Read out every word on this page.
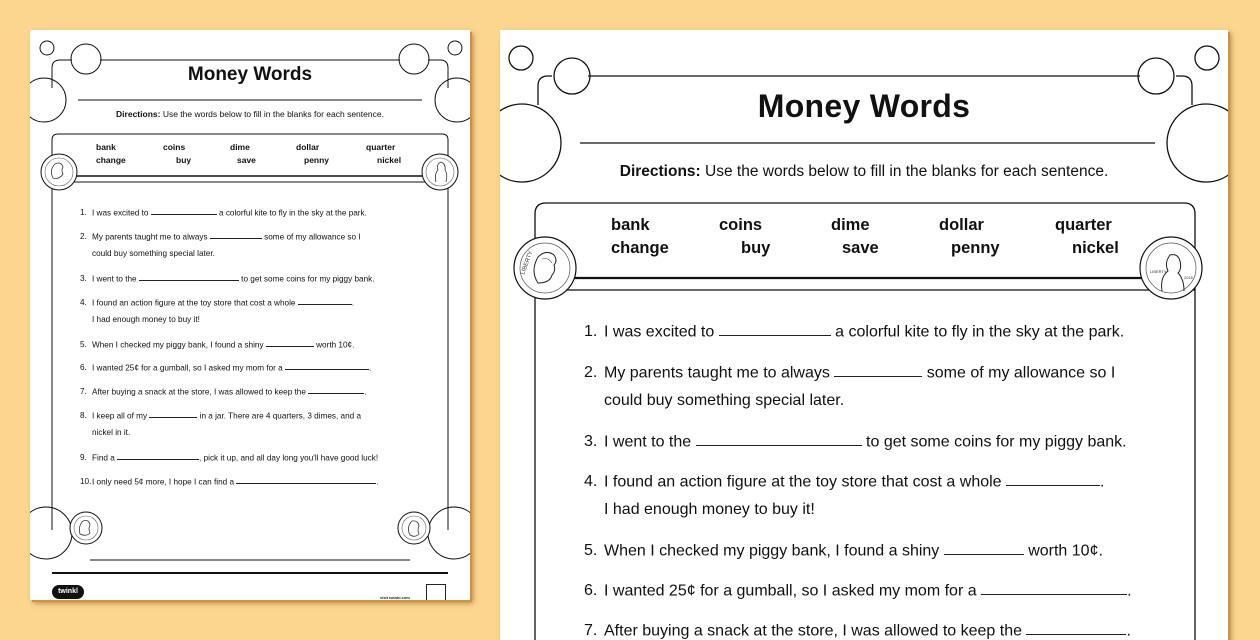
Money Words
Directions: Use the words below to fill in the blanks for each sentence.
bank	coins	dime	dollar	quarter
change	buy	save	penny	nickel
1. I was excited to	a colorful kite to fly in the sky at the park.
2. My parents taught me to always	some of my allowance so I
could buy something special later.
3. I went to the	to get some coins for my piggy bank.
4. I found an action figure at the toy store that cost a whole	.
I had enough money to buy it!
5. When I checked my piggy bank, I found a shiny	worth 10¢.
6. I wanted 25¢ for a gumball, so I asked my mom for a	.
7. After buying a snack at the store, I was allowed to keep the	.
8. I keep all of my	in a jar. There are 4 quarters, 3 dimes, and a
nickel in it.
9. Find a	, pick it up, and all day long you'll have good luck!
10.I only need 5¢ more, I hope I can find a	.
twinkl
visit twinkl.com
LIBERTY	LIBERTY
2016
Money Words
Directions: Use the words below to fill in the blanks for each sentence.
bank	coins	dime	dollar	quarter
change	buy	save	penny	nickel
1. I was excited to	a colorful kite to fly in the sky at the park.
2. My parents taught me to always	some of my allowance so I
could buy something special later.
3. I went to the	to get some coins for my piggy bank.
4. I found an action figure at the toy store that cost a whole	.
I had enough money to buy it!
5. When I checked my piggy bank, I found a shiny	worth 10¢.
6. I wanted 25¢ for a gumball, so I asked my mom for a	.
7. After buying a snack at the store, I was allowed to keep the	.
